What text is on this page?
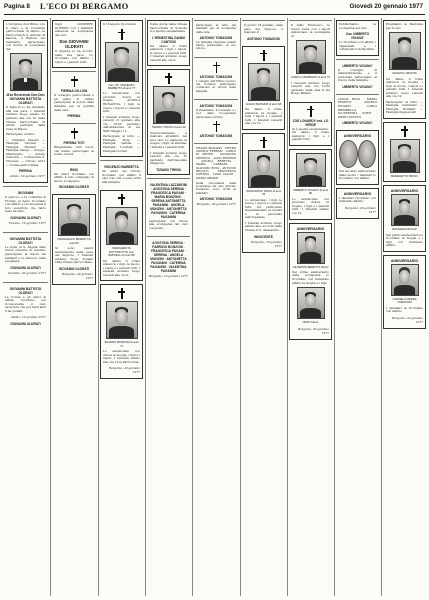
Pagina 8 L'ECO DI BERGAMO	Giovedì 20 gennaio 1977

L'Arciprete don Bruno con il Clero e la Comunità parrocchiale di Albino, la Parrocchia di S. Antonio di Padova, il Rettore del Santuario, partecipano con dolore la scomparsa del

M.to Reverendo Don Don GIOVANNI BATTISTA OLDRATI

Il Signore lo ha chiamato alla sua pace. I funerali avranno luogo sabato 22 gennaio alle ore 10 nella Chiesa Parrocchiale di Albino partendo dalla Casa di Riposo.

Partecipano al lutto:

— Famiglia Pesenti — Famiglia Carrara — Famiglia Brignoli — Famiglia Zanga — Gruppo Missionario — Azione Cattolica — Conferenza S. Vincenzo — Circolo ACLI — Corale parrocchiale

PIERINA
Albino, 19 gennaio 1977
GIOVANNI

Il parroco e la comunità di Fiorano al Serio ricordano con affetto e riconoscenza il loro sacerdote che tanto bene ha fatto.

GIOVANNI OLDRATI
Fiorano, 19 gennaio 1977
GIOVANNI BATTISTA OLDRATI

Le figlie di S. Angela delle Suore Orsoline di Gandino partecipano al dolore dei familiari e si uniscono nella preghiera.

GIOVANNI OLDRATI
Gandino, 20 gennaio 1977
GIOVANNI BATTISTA OLDRATI

La Corale e gli amici di Albino ricordano con riconoscenza il caro sacerdote che per tanti anni li ha guidati.

Albino, 19 gennaio 1977
GIOVANNI OLDRATI

Oggi GIUSEPPE GUERINI con i familiari annuncia la scomparsa del caro

Don GIOVANNI OLDRATI

Il Signore lo ha accolto nella sua pace. Lo ricordano con affetto i nipoti e i parenti tutti.

PIERINA GILLONI

Il consiglio parrocchiale e gli amici di Albino partecipano al dolore della famiglia per la perdita della cara

PIERINA
PIERINA TOTI

Ringraziamo tutti coloro che hanno partecipato al nostro dolore.

RINO

Gli amici ricordano con affetto il caro compagno di lavoro scomparso.

GIOVANNI OLDRATI
FRANCESCO PESENTI di anni 84

Si sono spenti serenamente nella pace del Signore. I funerali avranno luogo domani nella Chiesa parrocchiale.

GIOVANNI OLDRATI
Bergamo, 20 gennaio 1977

Il 18 agosto ricorrendo

Cav. Uff. VINCENZO BARBETTA di anni 77

Lo annunciano con profondo dolore la moglie ANGELA BONACINA, i figli, le nuore, i nipoti e i parenti tutti.

I funerali avranno luogo venerdì 21 gennaio alle ore 10,30 partendo dall'abitazione in via XXIV Maggio 12.

Partecipano al lutto: — Famiglia Rota — Famiglia Gamba — Famiglia Locatelli — Famiglia Cortesi

VINCENZO BARBETTA

Gli amici del Circolo ricordano con affetto il caro Cav. Uff. e sono vicini alla famiglia.

MARGHERITA ZOTTOROTTO ved. BAPPELLI di anni 80

Ne danno il triste annuncio i figli, le nuore, i nipoti e i parenti tutti. I funerali avranno luogo venerdì alle ore 9.

SEVERO BONZONI di anni 71

Lo annunciano con dolore la moglie, i figli e i nipoti. I funerali sabato alle ore 10 in Parrocchia.

Bergamo, 20 gennaio 1977

Nella gloria della Chiesa Parrocchiale di Sorisole si è spento serenamente

L'ERNESTINA ZANINI CANTONI

Ne danno il triste annuncio i figli, i nipoti, le nuore e i parenti tutti. I funerali avranno luogo venerdì alle ore 9.

TIZIANO TIRONI di anni 42

Improvvisamente è mancato all'affetto dei suoi cari. Lo piangono la moglie, i figli, la mamma, i fratelli e i parenti tutti.

I funerali avranno luogo venerdì alle ore 15 partendo dall'Ospedale Maggiore.

TIZIANO TIRONI
VALENTINA LAZZARONI · AGOSTINA SERENA · FRANCESCA PAGANI · MARIA BONZONI · SERENA ANTONIETTA PAGANINI · ANGELA MONZINI · ANTONIETTA PAGANINI · CATERINA PAGANINI

partecipano con dolore alla scomparsa del caro congiunto.

AGOSTINA SERENA · FABRIZIO BONZONI · FRANCESCA PAGANI · SERENA · ANGELA MONZINI · ANTONIETTA PAGANINI · CATERINA PAGANINI · VALENTINA PAGANINI
Bergamo, 19 gennaio 1977

Partecipano al lutto dei familiari per la scomparsa della cara

ANTONIO TOMASONI

La famiglia ringrazia quanti hanno partecipato al suo dolore.

ANTONIO TOMASONI

I colleghi dell'Ufficio tecnico del Comune partecipano commossi al dolore della famiglia.

ANTONIO TOMASONI

Il Presidente, il Consiglio e i soci della Cooperativa partecipano al lutto.

ANTONIO TOMASONI

ORAZIO BONAZZI · PIETRO ANGELO FERRARI · CARLO DI PIETRO · GIOVANNA GHIDELLI · ALDO BONESSI · ANGELA BERETTA · MARIA CARRARA · GIACOMO ROTA · ANTONIO BELOTTI · FRANCESCO CORTESI · LUIGI VALOTI · MARIO GHEZZI

Nella circostanza della scomparsa del caro Antonio Tomasoni, sono vicini ai familiari.

ANTONIO TOMASONI
Bergamo, 20 gennaio 1977

Il giorno 18 gennaio, nella pace del Signore, è mancato il

ANTONIO TOMASONI
GIULIO BASSANI di anni 68

Ne danno il triste annuncio la moglie, i figli, i nipoti e i parenti tutti. I funerali venerdì alle ore 10.

INNOCENTE TESTA di anni 78

Lo annunciano i figli, le nuore, i nipoti e i parenti tutti. Un particolare ringraziamento ai medici e al personale dell'Ospedale.

I funerali avranno luogo sabato alle ore 9,30 nella Chiesa di S. Alessandro.

INNOCENTE
Bergamo, 19 gennaio 1977

Il figlio Francesco, la nuora Luisa con i nipoti annunciano la scomparsa di

CARLO CAMMINATI di anni 75

I funerali avranno luogo venerdì alle ore 10,30 partendo dalla casa di via Borgo Palazzo.

ZOE LONARDY ved. LO VERDE

Si è spenta serenamente. Ne danno il triste annuncio i figli e i parenti tutti.

UMBERTO VIGANO' di anni 80

Lo annunciano con profondo dolore la moglie, i figli e i parenti tutti. I funerali sabato ore 10.

ANNIVERSARIO
GIUSEPPE BERETTA (Pino)

Nel primo anniversario della scomparsa lo ricordano con immutato affetto la moglie e i figli.

NINO GALLI
Bergamo, 20 gennaio 1977

Pubblichiamo la scomparsa del caro

Cav. UMBERTO VIGANO'

Lo ricordano con affetto i dipendenti e i collaboratori della Ditta.

UMBERTO VIGANO'

Il Consiglio di amministrazione e il personale partecipano al dolore della famiglia.

UMBERTO VIGANO'

LUIGIA ROTA · MARIA PESENTI · ANGELO FINAZZI · CARLA BREMBILLA · GIUSEPPINA CORTI · PIERO ZANCHI

UMBERTO VIGANO'
ANNIVERSARIO

Nel secondo anniversario della morte i familiari lo ricordano con affetto.

ANNIVERSARIO

I familiari ricordano con immutato affetto.

Bergamo, 20 gennaio 1977

Preghiamo la Madonna per il caro

IGNAZIO LIMONTA

Ne danno il triste annuncio la moglie, i figli, le nuore, i nipoti e i parenti tutti. I funerali avranno luogo venerdì alle ore 10.

Partecipano al lutto: — Famiglia Carminati — Famiglia Bonfanti — Famiglia Pagnoncelli

BENEDETTO BOSIO
ANNIVERSARIO
RAFFAELE RICCHI

Nel primo anniversario lo ricordano la moglie e i figli con immutato affetto.

ANNIVERSARIO
CARMELA MEDDA TOMASONI

I familiari la ricordano con affetto.

Bergamo, 20 gennaio 1977
